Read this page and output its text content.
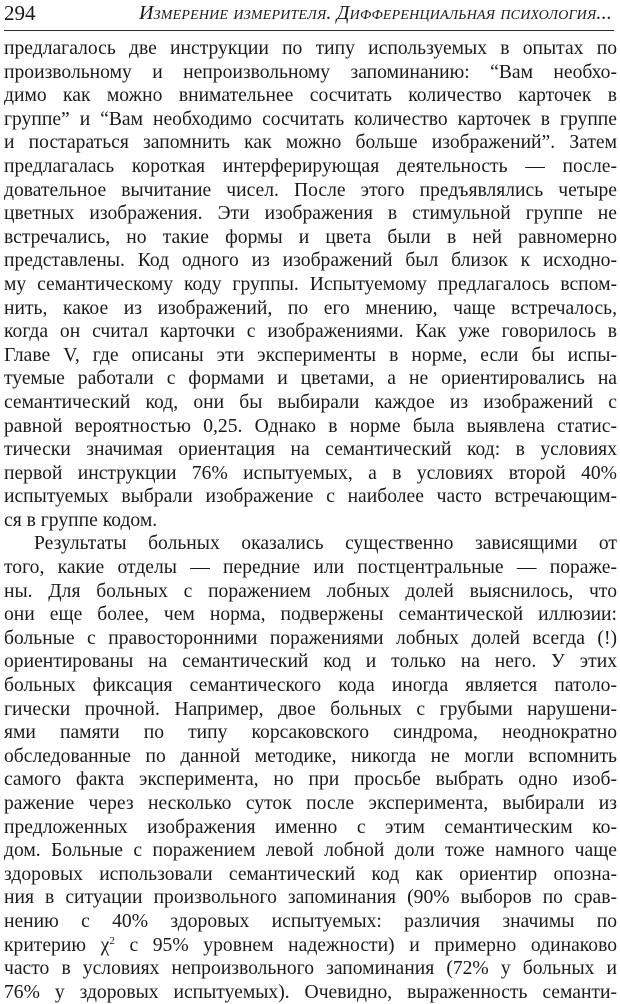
294	Измерение измерителя. Дифференциальная психология...
предлагалось две инструкции по типу используемых в опытах по
произвольному и непроизвольному запоминанию: “Вам необхо-
димо как можно внимательнее сосчитать количество карточек в
группе” и “Вам необходимо сосчитать количество карточек в группе
и постараться запомнить как можно больше изображений”. Затем
предлагалась короткая интерферирующая деятельность — после-
довательное вычитание чисел. После этого предъявлялись четыре
цветных изображения. Эти изображения в стимульной группе не
встречались, но такие формы и цвета были в ней равномерно
представлены. Код одного из изображений был близок к исходно-
му семантическому коду группы. Испытуемому предлагалось вспом-
нить, какое из изображений, по его мнению, чаще встречалось,
когда он считал карточки с изображениями. Как уже говорилось в
Главе V, где описаны эти эксперименты в норме, если бы испы-
туемые работали с формами и цветами, а не ориентировались на
семантический код, они бы выбирали каждое из изображений с
равной вероятностью 0,25. Однако в норме была выявлена статис-
тически значимая ориентация на семантический код: в условиях
первой инструкции 76% испытуемых, а в условиях второй 40%
испытуемых выбрали изображение с наиболее часто встречающим-
ся в группе кодом.
Результаты больных оказались существенно зависящими от
того, какие отделы — передние или постцентральные — пораже-
ны. Для больных с поражением лобных долей выяснилось, что
они еще более, чем норма, подвержены семантической иллюзии:
больные с правосторонними поражениями лобных долей всегда (!)
ориентированы на семантический код и только на него. У этих
больных фиксация семантического кода иногда является патоло-
гически прочной. Например, двое больных с грубыми нарушени-
ями памяти по типу корсаковского синдрома, неоднократно
обследованные по данной методике, никогда не могли вспомнить
самого факта эксперимента, но при просьбе выбрать одно изоб-
ражение через несколько суток после эксперимента, выбирали из
предложенных изображения именно с этим семантическим ко-
дом. Больные с поражением левой лобной доли тоже намного чаще
здоровых использовали семантический код как ориентир опозна-
ния в ситуации произвольного запоминания (90% выборов по срав-
нению с 40% здоровых испытуемых: различия значимы по
критерию $\chi^2$ с 95% уровнем надежности) и примерно одинаково
часто в условиях непроизвольного запоминания (72% у больных и
76% у здоровых испытуемых). Очевидно, выраженность семанти-
